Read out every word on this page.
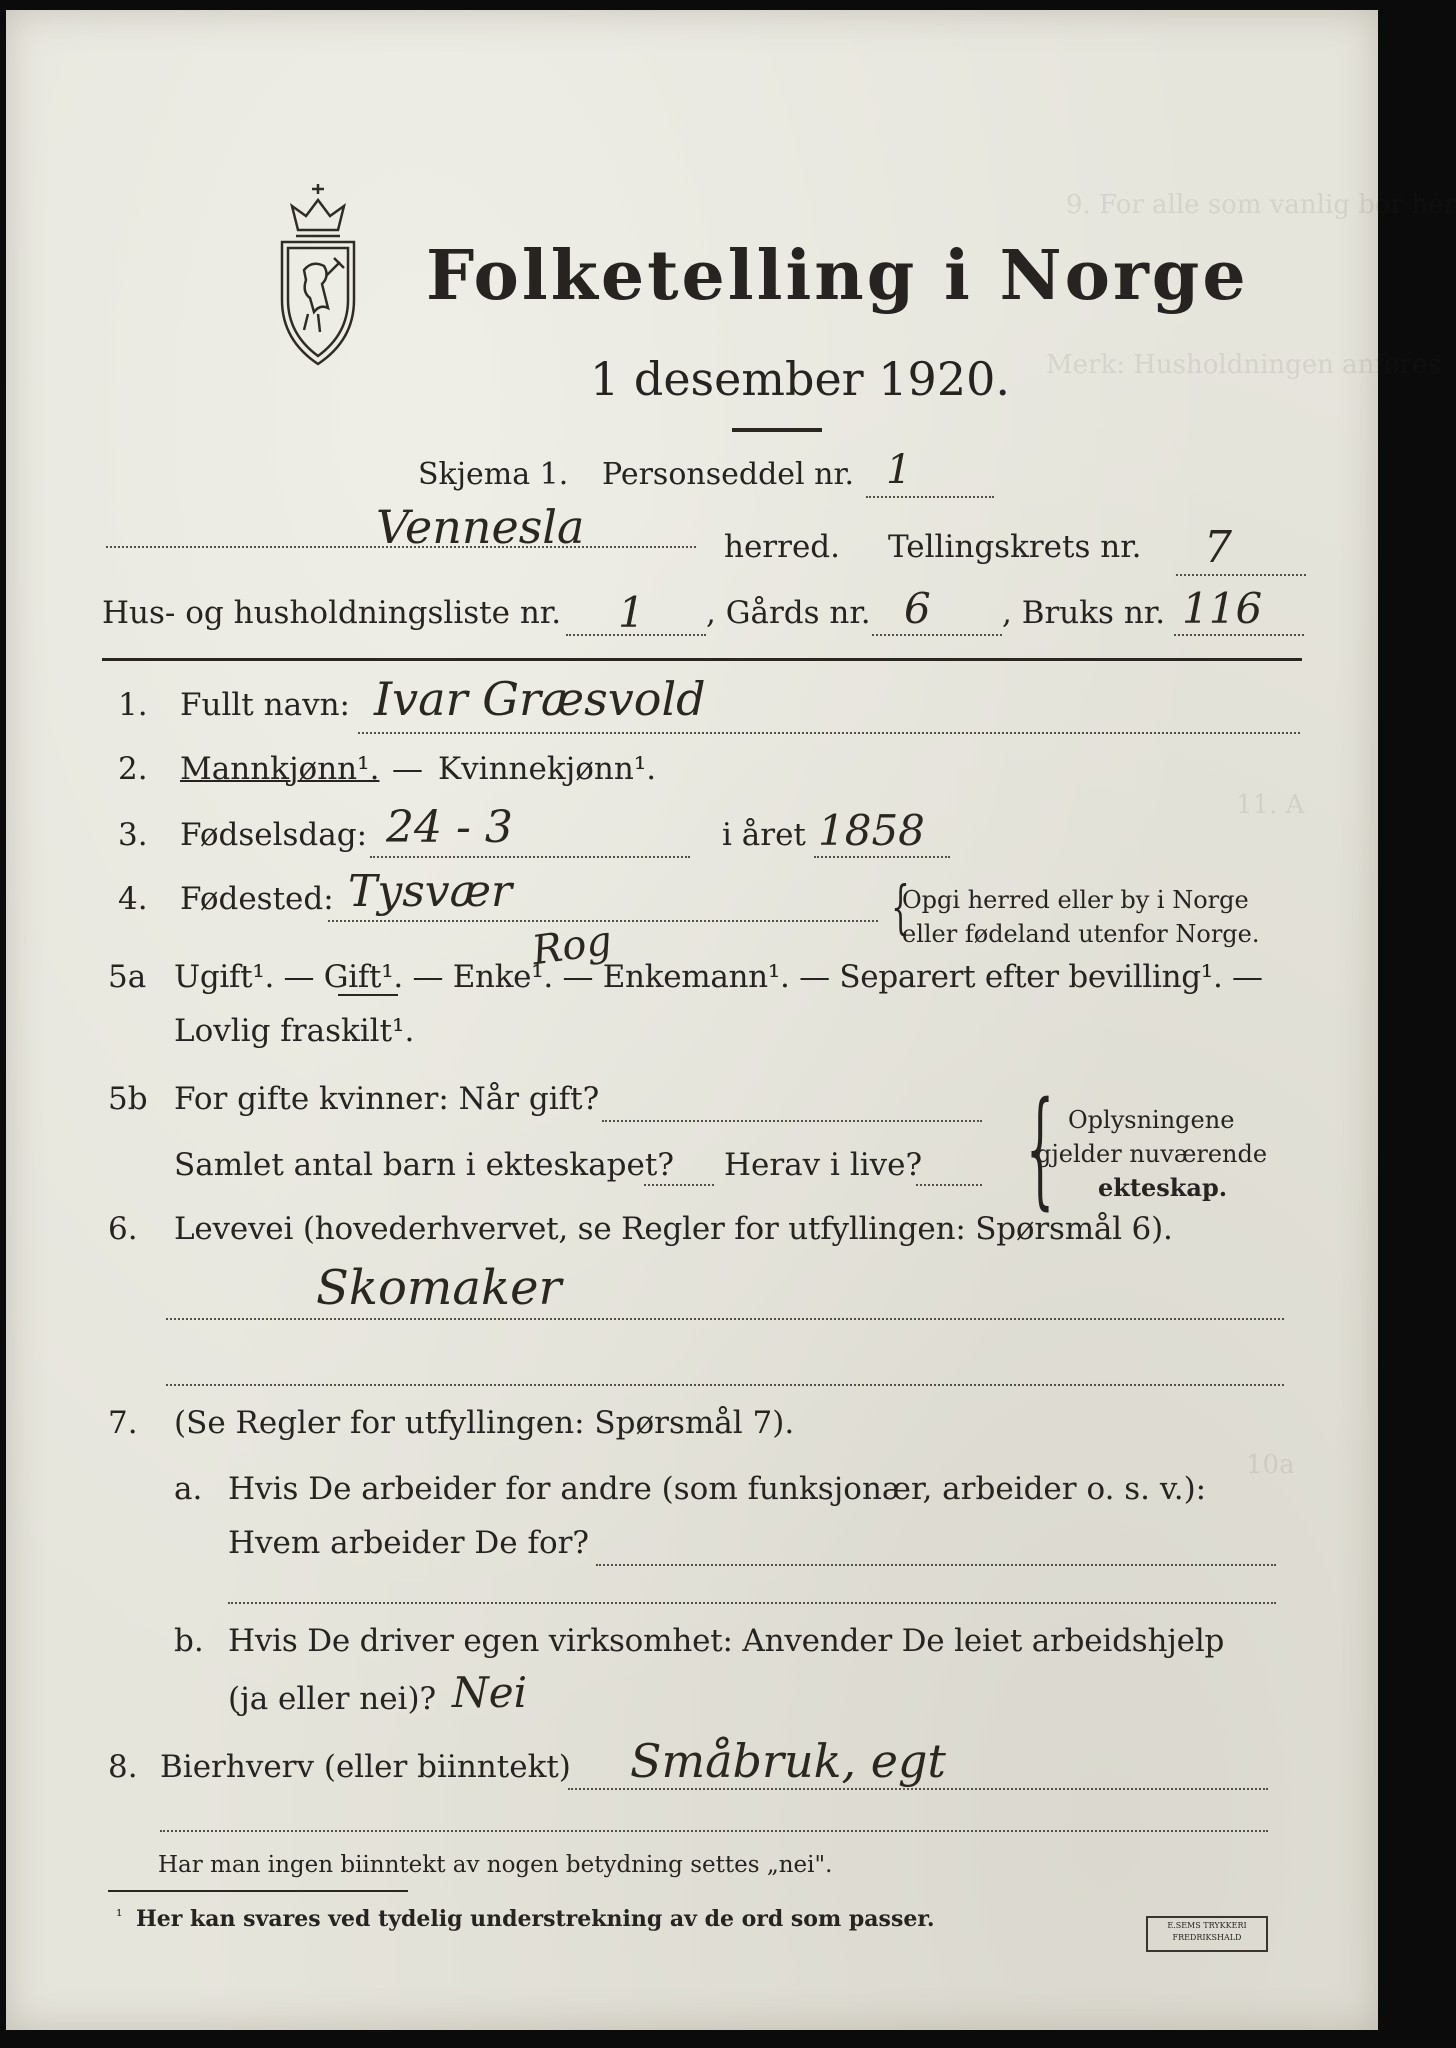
9. For alle som vanlig bor her
Merk: Husholdningen anføres
11. A
10a
Folketelling i Norge
1 desember 1920.
Skjema 1. Personseddel nr. 1
Vennesla	herred. Tellingskrets nr. 7
Hus- og husholdningsliste nr. 1 , Gårds nr. 6 , Bruks nr. 116
1. Fullt navn: Ivar Græsvold
2. Mannkjønn¹. — Kvinnekjønn¹.
3. Fødselsdag: 24 - 3	i året 1858
4. Fødested: Tysvær	{
Opgi herred eller by i Norge
eller fødeland utenfor Norge.
5a Ugift¹. — Gift¹. — Enke¹. — Enkemann¹. — Separert efter bevilling¹. —
Rog
Lovlig fraskilt¹.
5b For gifte kvinner: Når gift?
Samlet antal barn i ekteskapet? Herav i live? { Oplysningene
gjelder nuværende
ekteskap.
6. Levevei (hovederhvervet, se Regler for utfyllingen: Spørsmål 6).
Skomaker
7. (Se Regler for utfyllingen: Spørsmål 7).
a. Hvis De arbeider for andre (som funksjonær, arbeider o. s. v.):
Hvem arbeider De for?
b. Hvis De driver egen virksomhet: Anvender De leiet arbeidshjelp
(ja eller nei)? Nei
8. Bierhverv (eller biinntekt) Småbruk, egt
Har man ingen biinntekt av nogen betydning settes „nei".
¹ Her kan svares ved tydelig understrekning av de ord som passer.	E.SEMS TRYKKERI
FREDRIKSHALD
